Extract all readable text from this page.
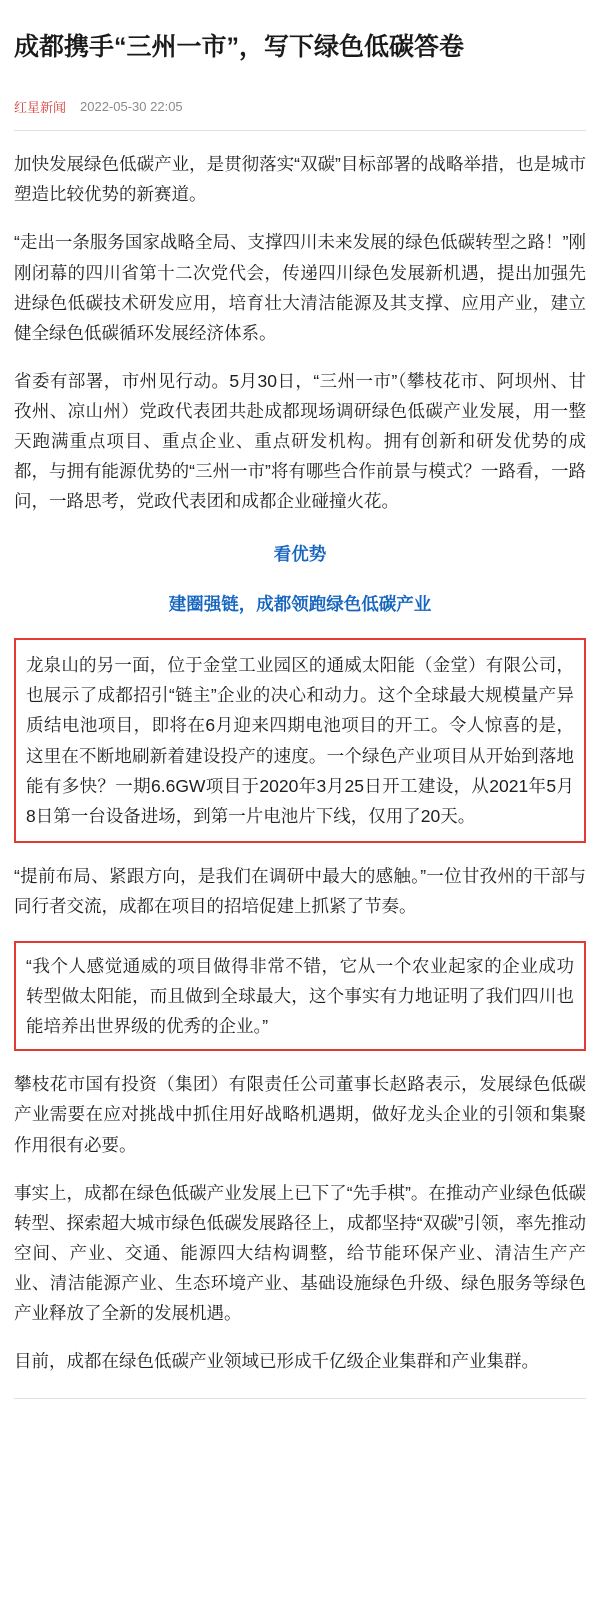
成都携手“三州一市”，写下绿色低碳答卷
红星新闻 2022-05-30 22:05

加快发展绿色低碳产业，是贯彻落实“双碳”目标部署的战略举措，也是城市塑造比较优势的新赛道。

“走出一条服务国家战略全局、支撑四川未来发展的绿色低碳转型之路！”刚刚闭幕的四川省第十二次党代会，传递四川绿色发展新机遇，提出加强先进绿色低碳技术研发应用，培育壮大清洁能源及其支撑、应用产业，建立健全绿色低碳循环发展经济体系。

省委有部署，市州见行动。5月30日，“三州一市”（攀枝花市、阿坝州、甘孜州、凉山州）党政代表团共赴成都现场调研绿色低碳产业发展，用一整天跑满重点项目、重点企业、重点研发机构。拥有创新和研发优势的成都，与拥有能源优势的“三州一市”将有哪些合作前景与模式？一路看，一路问，一路思考，党政代表团和成都企业碰撞火花。

看优势
建圈强链，成都领跑绿色低碳产业

龙泉山的另一面，位于金堂工业园区的通威太阳能（金堂）有限公司，也展示了成都招引“链主”企业的决心和动力。这个全球最大规模量产异质结电池项目，即将在6月迎来四期电池项目的开工。令人惊喜的是，这里在不断地刷新着建设投产的速度。一个绿色产业项目从开始到落地能有多快？一期6.6GW项目于2020年3月25日开工建设，从2021年5月8日第一台设备进场，到第一片电池片下线，仅用了20天。

“提前布局、紧跟方向，是我们在调研中最大的感触。”一位甘孜州的干部与同行者交流，成都在项目的招培促建上抓紧了节奏。

“我个人感觉通威的项目做得非常不错，它从一个农业起家的企业成功转型做太阳能，而且做到全球最大，这个事实有力地证明了我们四川也能培养出世界级的优秀的企业。”

攀枝花市国有投资（集团）有限责任公司董事长赵路表示，发展绿色低碳产业需要在应对挑战中抓住用好战略机遇期，做好龙头企业的引领和集聚作用很有必要。

事实上，成都在绿色低碳产业发展上已下了“先手棋”。在推动产业绿色低碳转型、探索超大城市绿色低碳发展路径上，成都坚持“双碳”引领，率先推动空间、产业、交通、能源四大结构调整，给节能环保产业、清洁生产产业、清洁能源产业、生态环境产业、基础设施绿色升级、绿色服务等绿色产业释放了全新的发展机遇。

目前，成都在绿色低碳产业领域已形成千亿级企业集群和产业集群。
